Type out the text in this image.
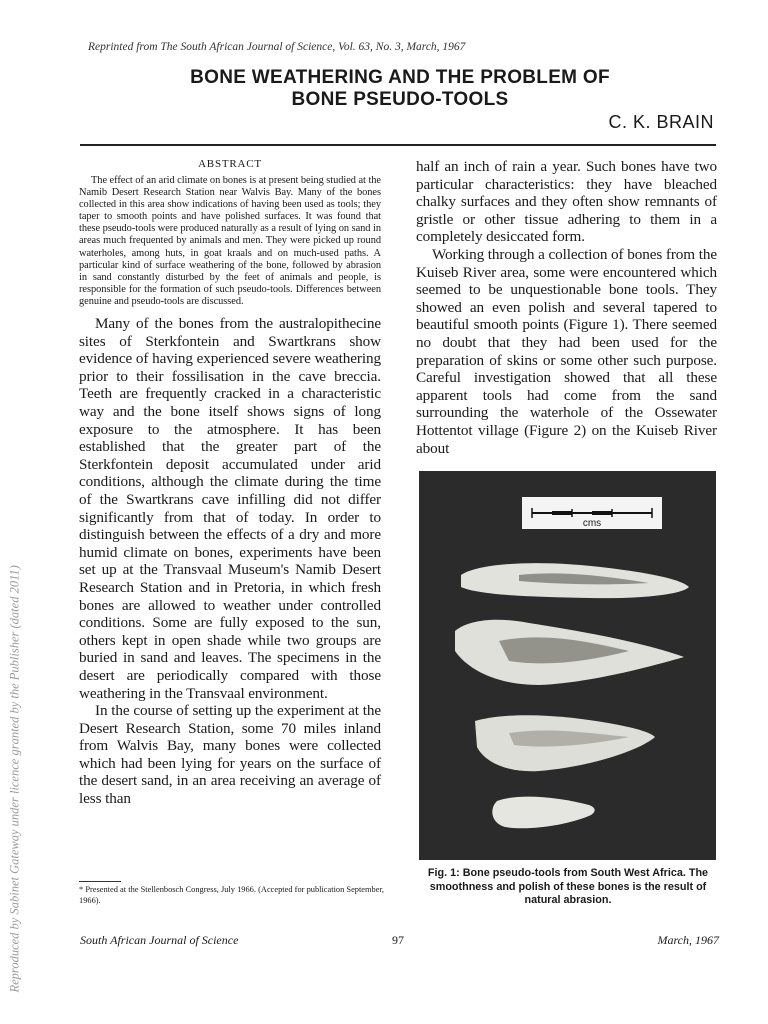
Reproduced by Sabinet Gateway under licence granted by the Publisher (dated 2011)
Reprinted from The South African Journal of Science, Vol. 63, No. 3, March, 1967
BONE WEATHERING AND THE PROBLEM OF
BONE PSEUDO-TOOLS
C. K. BRAIN
ABSTRACT

The effect of an arid climate on bones is at present being studied at the Namib Desert Research Station near Walvis Bay. Many of the bones collected in this area show indications of having been used as tools; they taper to smooth points and have polished surfaces. It was found that these pseudo-tools were produced naturally as a result of lying on sand in areas much frequented by animals and men. They were picked up round waterholes, among huts, in goat kraals and on much-used paths. A particular kind of surface weathering of the bone, followed by abrasion in sand constantly disturbed by the feet of animals and people, is responsible for the formation of such pseudo-tools. Differences between genuine and pseudo-tools are discussed.

Many of the bones from the australopithecine sites of Sterkfontein and Swartkrans show evidence of having experienced severe weathering prior to their fossilisation in the cave breccia. Teeth are frequently cracked in a characteristic way and the bone itself shows signs of long exposure to the atmosphere. It has been established that the greater part of the Sterkfontein deposit accumulated under arid conditions, although the climate during the time of the Swartkrans cave infilling did not differ significantly from that of today. In order to distinguish between the effects of a dry and more humid climate on bones, experiments have been set up at the Transvaal Museum's Namib Desert Research Station and in Pretoria, in which fresh bones are allowed to weather under controlled conditions. Some are fully exposed to the sun, others kept in open shade while two groups are buried in sand and leaves. The specimens in the desert are periodically compared with those weathering in the Transvaal environment.

In the course of setting up the experiment at the Desert Research Station, some 70 miles inland from Walvis Bay, many bones were collected which had been lying for years on the surface of the desert sand, in an area receiving an average of less than

* Presented at the Stellenbosch Congress, July 1966. (Accepted for publication September, 1966).

half an inch of rain a year. Such bones have two particular characteristics: they have bleached chalky surfaces and they often show remnants of gristle or other tissue adhering to them in a completely desiccated form.

Working through a collection of bones from the Kuiseb River area, some were encountered which seemed to be unquestionable bone tools. They showed an even polish and several tapered to beautiful smooth points (Figure 1). There seemed no doubt that they had been used for the preparation of skins or some other such purpose. Careful investigation showed that all these apparent tools had come from the sand surrounding the waterhole of the Ossewater Hottentot village (Figure 2) on the Kuiseb River about

cms
Fig. 1: Bone pseudo-tools from South West Africa. The smoothness and polish of these bones is the result of natural abrasion.
South African Journal of Science	97	March, 1967
